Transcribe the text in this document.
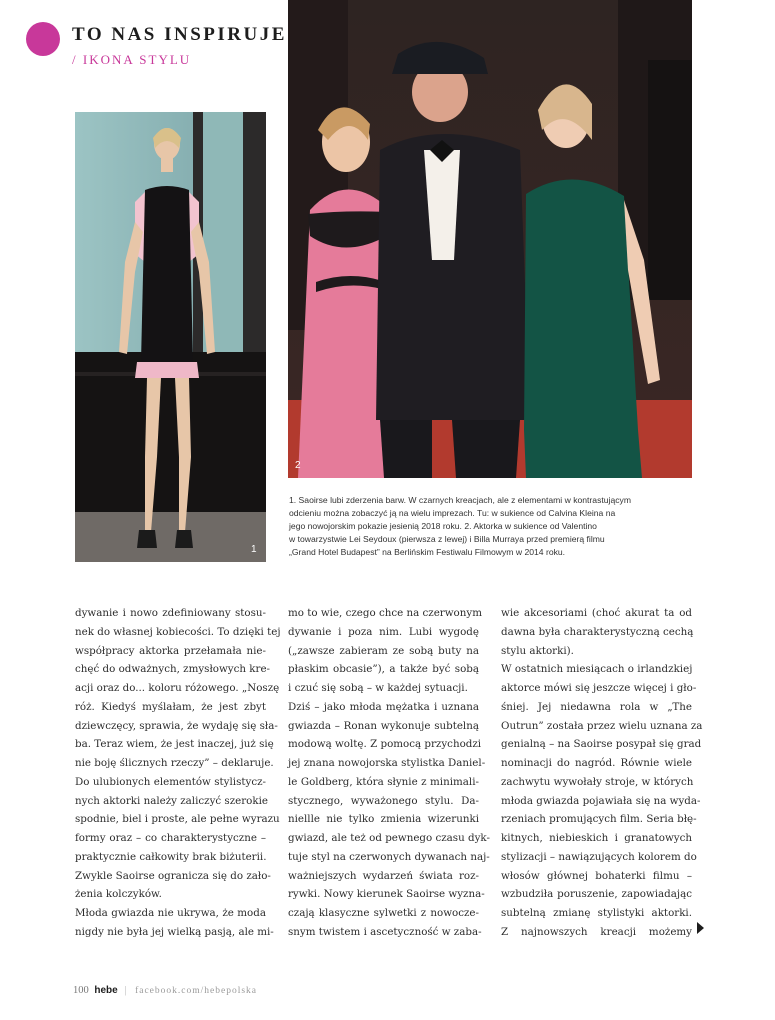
TO NAS INSPIRUJE
/ IKONA STYLU
1
2
1. Saoirse lubi zderzenia barw. W czarnych kreacjach, ale z elementami w kontrastującym
odcieniu można zobaczyć ją na wielu imprezach. Tu: w sukience od Calvina Kleina na
jego nowojorskim pokazie jesienią 2018 roku. 2. Aktorka w sukience od Valentino
w towarzystwie Lei Seydoux (pierwsza z lewej) i Billa Murraya przed premierą filmu
„Grand Hotel Budapest” na Berlińskim Festiwalu Filmowym w 2014 roku.
dywanie i nowo zdefiniowany stosu-
nek do własnej kobiecości. To dzięki tej
współpracy aktorka przełamała nie-
chęć do odważnych, zmysłowych kre-
acji oraz do... koloru różowego. „Noszę
róż. Kiedyś myślałam, że jest zbyt
dziewczęcy, sprawia, że wydaję się sła-
ba. Teraz wiem, że jest inaczej, już się
nie boję ślicznych rzeczy” – deklaruje.
Do ulubionych elementów stylistycz-
nych aktorki należy zaliczyć szerokie
spodnie, biel i proste, ale pełne wyrazu
formy oraz – co charakterystyczne –
praktycznie całkowity brak biżuterii.
Zwykle Saoirse ogranicza się do zało-
żenia kolczyków.
Młoda gwiazda nie ukrywa, że moda
nigdy nie była jej wielką pasją, ale mi-
mo to wie, czego chce na czerwonym
dywanie i poza nim. Lubi wygodę
(„zawsze zabieram ze sobą buty na
płaskim obcasie”), a także być sobą
i czuć się sobą – w każdej sytuacji.
Dziś – jako młoda mężatka i uznana
gwiazda – Ronan wykonuje subtelną
modową woltę. Z pomocą przychodzi
jej znana nowojorska stylistka Daniel-
le Goldberg, która słynie z minimali-
stycznego, wyważonego stylu. Da-
niellle nie tylko zmienia wizerunki
gwiazd, ale też od pewnego czasu dyk-
tuje styl na czerwonych dywanach naj-
ważniejszych wydarzeń świata roz-
rywki. Nowy kierunek Saoirse wyzna-
czają klasyczne sylwetki z nowocze-
snym twistem i ascetyczność w zaba-
wie akcesoriami (choć akurat ta od
dawna była charakterystyczną cechą
stylu aktorki).
W ostatnich miesiącach o irlandzkiej
aktorce mówi się jeszcze więcej i gło-
śniej. Jej niedawna rola w „The
Outrun” została przez wielu uznana za
genialną – na Saoirse posypał się grad
nominacji do nagród. Równie wiele
zachwytu wywołały stroje, w których
młoda gwiazda pojawiała się na wyda-
rzeniach promujących film. Seria błę-
kitnych, niebieskich i granatowych
stylizacji – nawiązujących kolorem do
włosów głównej bohaterki filmu –
wzbudziła poruszenie, zapowiadając
subtelną zmianę stylistyki aktorki.
Z najnowszych kreacji możemy
100 hebe | facebook.com/hebepolska
